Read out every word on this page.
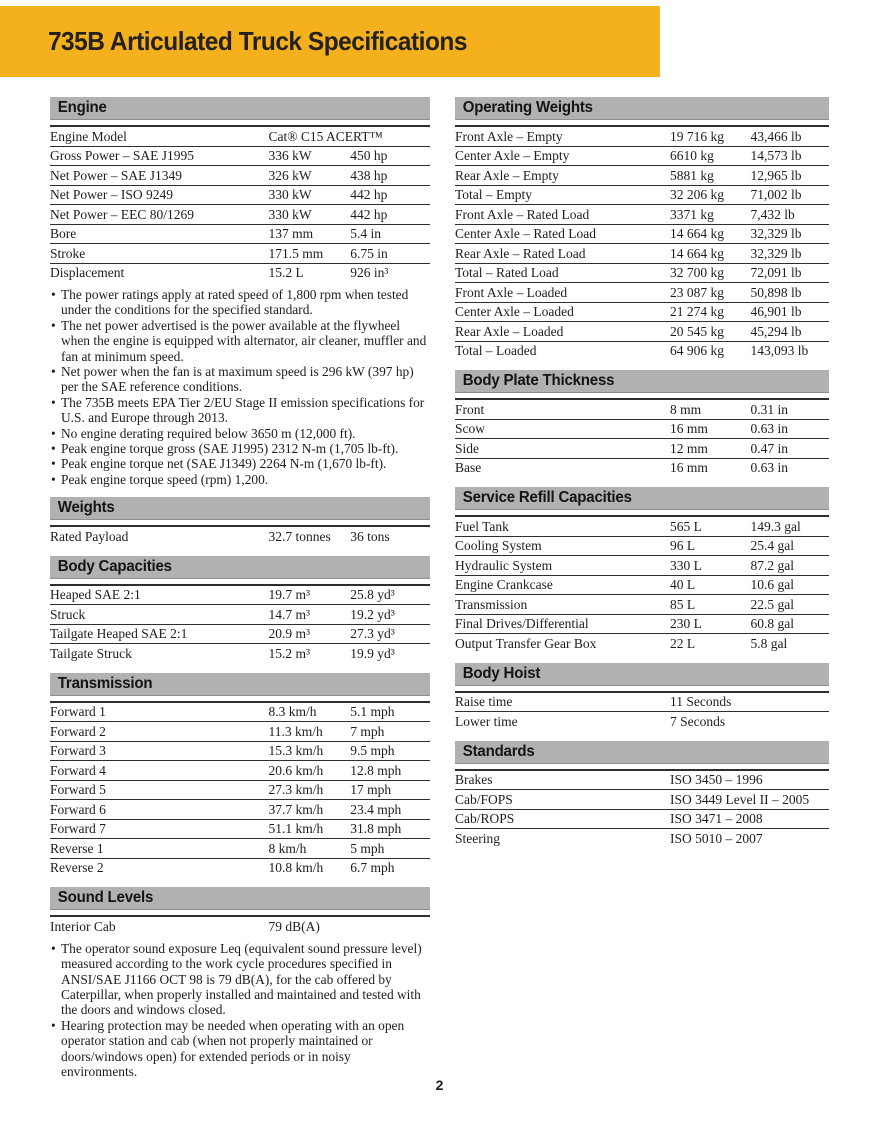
735B Articulated Truck Specifications
Engine
Engine Model	Cat® C15 ACERT™	
Gross Power – SAE J1995	336 kW	450 hp
Net Power – SAE J1349	326 kW	438 hp
Net Power – ISO 9249	330 kW	442 hp
Net Power – EEC 80/1269	330 kW	442 hp
Bore	137 mm	5.4 in
Stroke	171.5 mm	6.75 in
Displacement	15.2 L	926 in³
• The power ratings apply at rated speed of 1,800 rpm when tested under the conditions for the specified standard.
• The net power advertised is the power available at the flywheel when the engine is equipped with alternator, air cleaner, muffler and fan at minimum speed.
• Net power when the fan is at maximum speed is 296 kW (397 hp) per the SAE reference conditions.
• The 735B meets EPA Tier 2/EU Stage II emission specifications for U.S. and Europe through 2013.
• No engine derating required below 3650 m (12,000 ft).
• Peak engine torque gross (SAE J1995) 2312 N-m (1,705 lb-ft).
• Peak engine torque net (SAE J1349) 2264 N-m (1,670 lb-ft).
• Peak engine torque speed (rpm) 1,200.
Weights
Rated Payload	32.7 tonnes	36 tons
Body Capacities
Heaped SAE 2:1	19.7 m³	25.8 yd³
Struck	14.7 m³	19.2 yd³
Tailgate Heaped SAE 2:1	20.9 m³	27.3 yd³
Tailgate Struck	15.2 m³	19.9 yd³
Transmission
Forward 1	8.3 km/h	5.1 mph
Forward 2	11.3 km/h	7 mph
Forward 3	15.3 km/h	9.5 mph
Forward 4	20.6 km/h	12.8 mph
Forward 5	27.3 km/h	17 mph
Forward 6	37.7 km/h	23.4 mph
Forward 7	51.1 km/h	31.8 mph
Reverse 1	8 km/h	5 mph
Reverse 2	10.8 km/h	6.7 mph
Sound Levels
Interior Cab	79 dB(A)
• The operator sound exposure Leq (equivalent sound pressure level) measured according to the work cycle procedures specified in ANSI/SAE J1166 OCT 98 is 79 dB(A), for the cab offered by Caterpillar, when properly installed and maintained and tested with the doors and windows closed.
• Hearing protection may be needed when operating with an open operator station and cab (when not properly maintained or doors/windows open) for extended periods or in noisy environments.
Operating Weights
Front Axle – Empty	19 716 kg	43,466 lb
Center Axle – Empty	6610 kg	14,573 lb
Rear Axle – Empty	5881 kg	12,965 lb
Total – Empty	32 206 kg	71,002 lb
Front Axle – Rated Load	3371 kg	7,432 lb
Center Axle – Rated Load	14 664 kg	32,329 lb
Rear Axle – Rated Load	14 664 kg	32,329 lb
Total – Rated Load	32 700 kg	72,091 lb
Front Axle – Loaded	23 087 kg	50,898 lb
Center Axle – Loaded	21 274 kg	46,901 lb
Rear Axle – Loaded	20 545 kg	45,294 lb
Total – Loaded	64 906 kg	143,093 lb
Body Plate Thickness
Front	8 mm	0.31 in
Scow	16 mm	0.63 in
Side	12 mm	0.47 in
Base	16 mm	0.63 in
Service Refill Capacities
Fuel Tank	565 L	149.3 gal
Cooling System	96 L	25.4 gal
Hydraulic System	330 L	87.2 gal
Engine Crankcase	40 L	10.6 gal
Transmission	85 L	22.5 gal
Final Drives/Differential	230 L	60.8 gal
Output Transfer Gear Box	22 L	5.8 gal
Body Hoist
Raise time	11 Seconds
Lower time	7 Seconds
Standards
Brakes	ISO 3450 – 1996
Cab/FOPS	ISO 3449 Level II – 2005
Cab/ROPS	ISO 3471 – 2008
Steering	ISO 5010 – 2007
2
